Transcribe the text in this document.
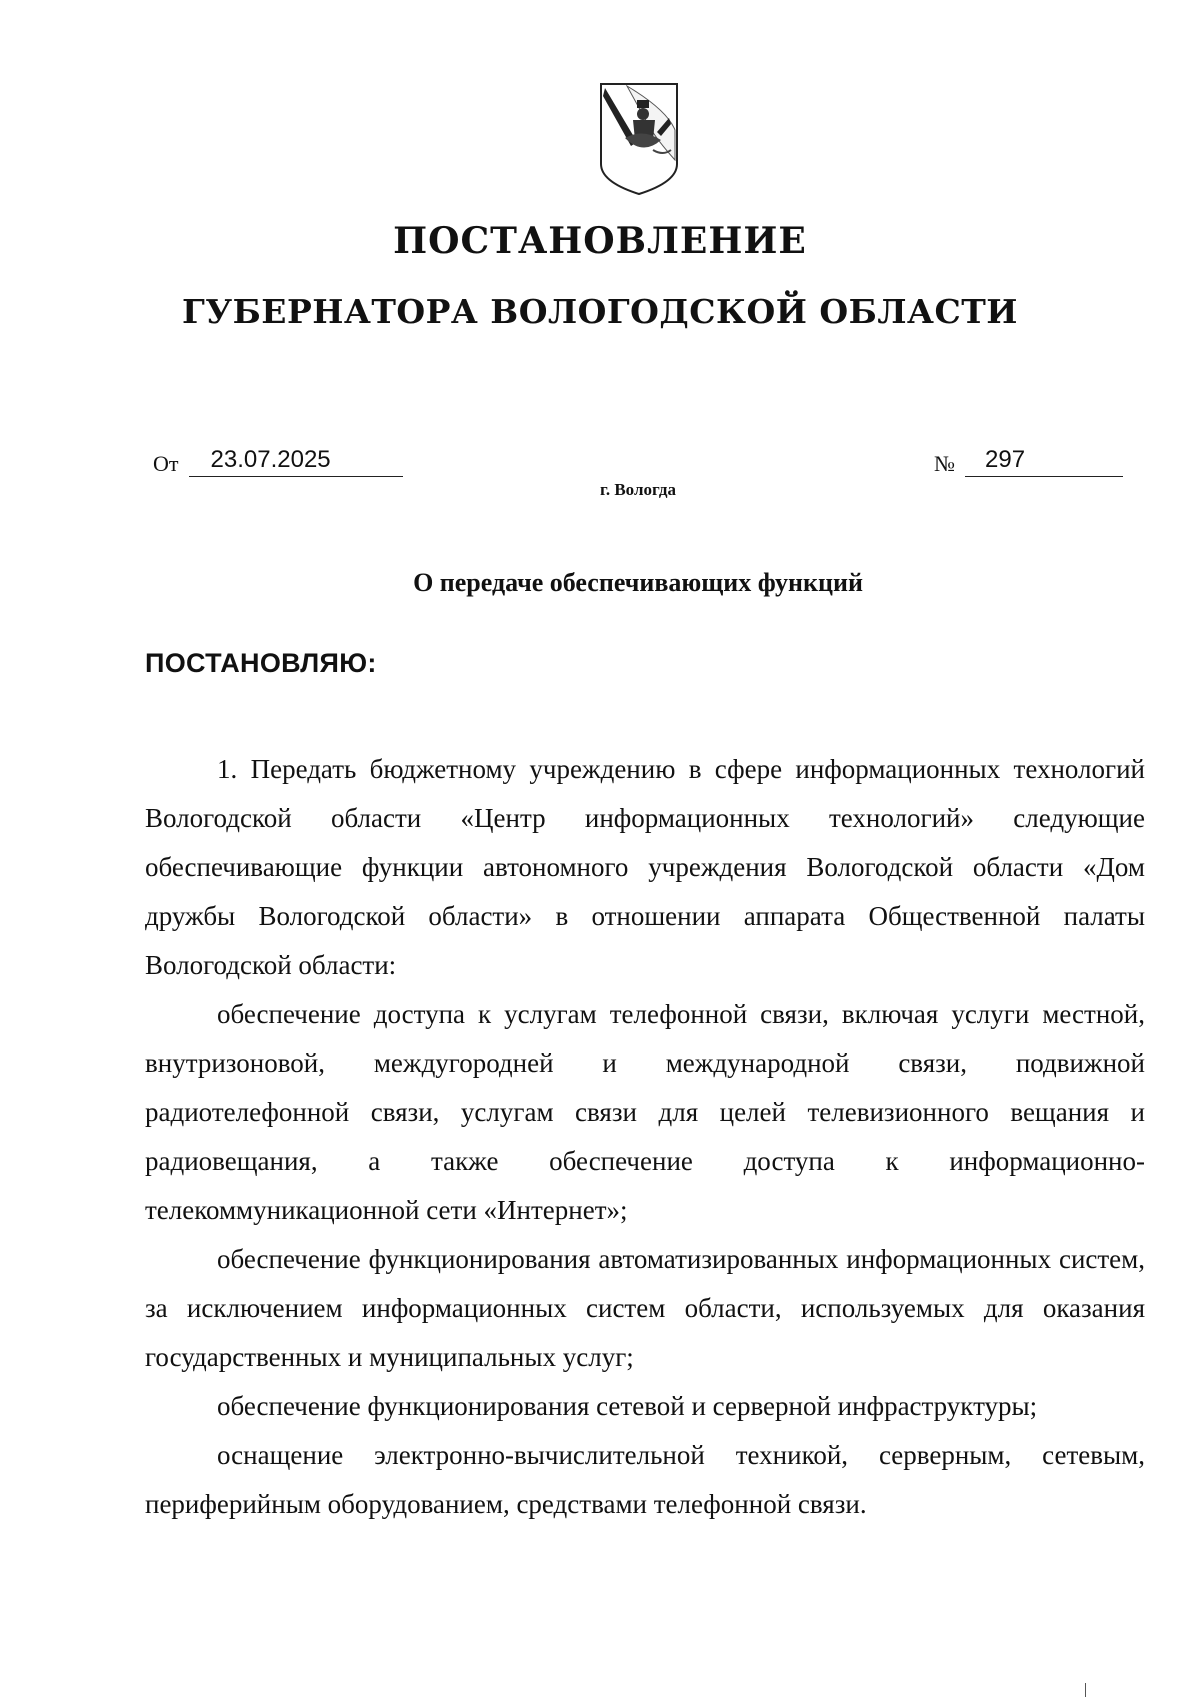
ПОСТАНОВЛЕНИЕ
ГУБЕРНАТОРА ВОЛОГОДСКОЙ ОБЛАСТИ
От 23.07.2025	№ 297
г. Вологда
О передаче обеспечивающих функций
ПОСТАНОВЛЯЮ:

1. Передать бюджетному учреждению в сфере информационных технологий Вологодской области «Центр информационных технологий» следующие обеспечивающие функции автономного учреждения Вологодской области «Дом дружбы Вологодской области» в отношении аппарата Общественной палаты Вологодской области:

обеспечение доступа к услугам телефонной связи, включая услуги местной, внутризоновой, междугородней и международной связи, подвижной радиотелефонной связи, услугам связи для целей телевизионного вещания и радиовещания, а также обеспечение доступа к информационно-телекоммуникационной сети «Интернет»;

обеспечение функционирования автоматизированных информационных систем, за исключением информационных систем области, используемых для оказания государственных и муниципальных услуг;

обеспечение функционирования сетевой и серверной инфраструктуры;

оснащение электронно-вычислительной техникой, серверным, сетевым, периферийным оборудованием, средствами телефонной связи.
